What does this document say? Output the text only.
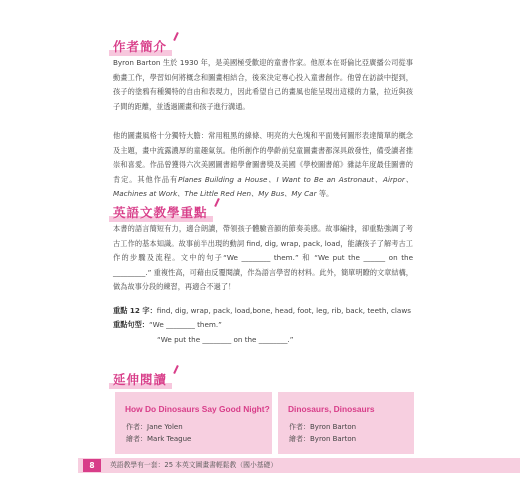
作者簡介

Byron Barton 生於 1930 年，是美國極受歡迎的童書作家。他原本在哥倫比亞廣播公司從事動畫工作，學習如何將概念和圖畫相結合，後來決定專心投入童書創作。他曾在訪談中提到，孩子的塗鴉有種獨特的自由和表現力，因此希望自己的畫風也能呈現出這樣的力量，拉近與孩子間的距離，並透過圖畫和孩子進行溝通。

他的圖畫風格十分獨特大膽：常用粗黑的線條、明亮的大色塊和平面幾何圖形表達簡單的概念及主題，畫中流露濃厚的童趣氣氛。他所創作的學齡前兒童圖畫書都深具啟發性，備受讀者推崇和喜愛。作品曾獲得六次美國圖書館學會圖書獎及美國《學校圖書館》雜誌年度最佳圖書的肯定。其他作品有Planes Building a House、I Want to Be an Astronaut、Airpor、Machines at Work、The Little Red Hen、My Bus、My Car 等。

英語文教學重點

本書的語言簡短有力，適合朗讀，帶領孩子體驗音韻的節奏美感。故事編排，卻重點強調了考古工作的基本知識。故事前半出現的動詞 find, dig, wrap, pack, load，能讓孩子了解考古工作的步驟及流程。文中的句子“We ________ them.” 和 “We put the ______ on the _________.” 重複性高，可藉由反覆閱讀，作為語言學習的材料。此外，簡單明瞭的文章結構，做為故事分段的練習，再適合不過了！

重點 12 字：find, dig, wrap, pack, load,bone, head, foot, leg, rib, back, teeth, claws
重點句型：“We ________ them.”
“We put the ________ on the ________.”
延伸閱讀
How Do Dinosaurs Say Good Night?
作者：Jane Yolen
繪者：Mark Teague
Dinosaurs, Dinosaurs
作者：Byron Barton
繪者：Byron Barton
8	英語教學有一套：25 本英文圖畫書輕鬆教（國小基礎）
